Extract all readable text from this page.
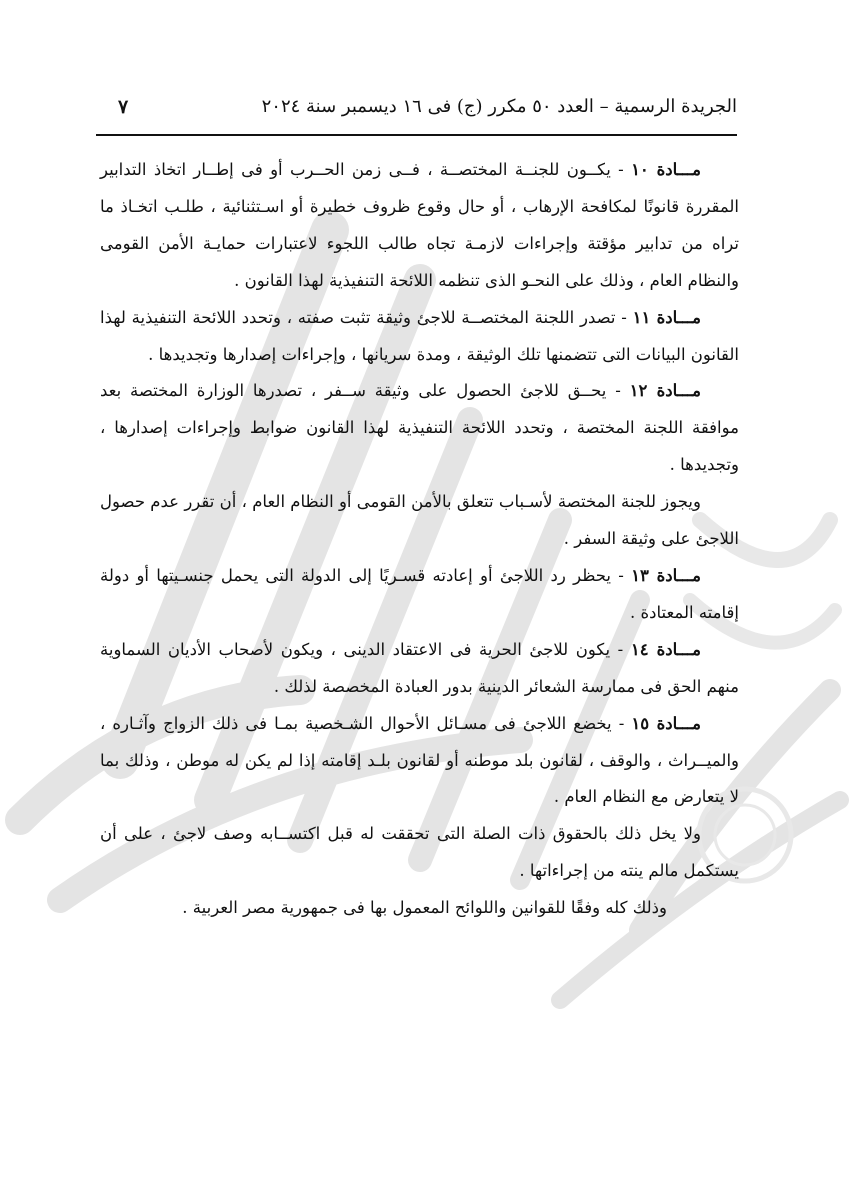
الجريدة الرسمية – العدد ٥٠ مكرر (ج) فى ١٦ ديسمبر سنة ٢٠٢٤
٧

مـــادة ١٠ - يكــون للجنــة المختصــة ، فــى زمن الحــرب أو فى إطــار اتخاذ التدابير المقررة قانونًا لمكافحة الإرهاب ، أو حال وقوع ظروف خطيرة أو اسـتثنائية ، طلـب اتخـاذ ما تراه من تدابير مؤقتة وإجراءات لازمـة تجاه طالب اللجوء لاعتبارات حمايـة الأمن القومى والنظام العام ، وذلك على النحـو الذى تنظمه اللائحة التنفيذية لهذا القانون .

مـــادة ١١ - تصدر اللجنة المختصــة للاجئ وثيقة تثبت صفته ، وتحدد اللائحة التنفيذية لهذا القانون البيانات التى تتضمنها تلك الوثيقة ، ومدة سريانها ، وإجراءات إصدارها وتجديدها .

مـــادة ١٢ - يحــق للاجئ الحصول على وثيقة ســفر ، تصدرها الوزارة المختصة بعد موافقة اللجنة المختصة ، وتحدد اللائحة التنفيذية لهذا القانون ضوابط وإجراءات إصدارها ، وتجديدها .

ويجوز للجنة المختصة لأسـباب تتعلق بالأمن القومى أو النظام العام ، أن تقرر عدم حصول اللاجئ على وثيقة السفر .

مـــادة ١٣ - يحظر رد اللاجئ أو إعادته قسـريًا إلى الدولة التى يحمل جنسـيتها أو دولة إقامته المعتادة .

مـــادة ١٤ - يكون للاجئ الحرية فى الاعتقاد الدينى ، ويكون لأصحاب الأديان السماوية منهم الحق فى ممارسة الشعائر الدينية بدور العبادة المخصصة لذلك .

مـــادة ١٥ - يخضع اللاجئ فى مسـائل الأحوال الشـخصية بمـا فى ذلك الزواج وآثـاره ، والميــراث ، والوقف ، لقانون بلد موطنه أو لقانون بلـد إقامته إذا لم يكن له موطن ، وذلك بما لا يتعارض مع النظام العام .

ولا يخل ذلك بالحقوق ذات الصلة التى تحققت له قبل اكتســابه وصف لاجئ ، على أن يستكمل مالم ينته من إجراءاتها .

وذلك كله وفقًا للقوانين واللوائح المعمول بها فى جمهورية مصر العربية .
